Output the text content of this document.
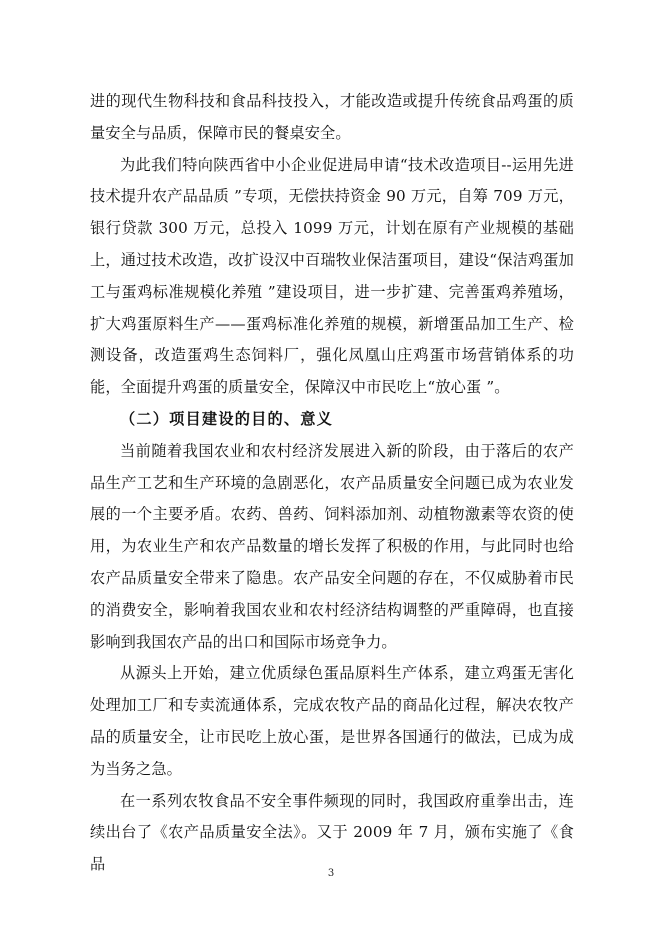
进的现代生物科技和食品科技投入，才能改造或提升传统食品鸡蛋的质量安全与品质，保障市民的餐桌安全。

为此我们特向陕西省中小企业促进局申请“技术改造项目--运用先进技术提升农产品品质 ”专项，无偿扶持资金 90 万元，自筹 709 万元，银行贷款 300 万元，总投入 1099 万元，计划在原有产业规模的基础上，通过技术改造，改扩设汉中百瑞牧业保洁蛋项目，建设“保洁鸡蛋加工与蛋鸡标准规模化养殖 ”建设项目，进一步扩建、完善蛋鸡养殖场，扩大鸡蛋原料生产——蛋鸡标准化养殖的规模，新增蛋品加工生产、检测设备，改造蛋鸡生态饲料厂，强化凤凰山庄鸡蛋市场营销体系的功能，全面提升鸡蛋的质量安全，保障汉中市民吃上“放心蛋 ”。

（二）项目建设的目的、意义

当前随着我国农业和农村经济发展进入新的阶段，由于落后的农产品生产工艺和生产环境的急剧恶化，农产品质量安全问题已成为农业发展的一个主要矛盾。农药、兽药、饲料添加剂、动植物激素等农资的使用，为农业生产和农产品数量的增长发挥了积极的作用，与此同时也给农产品质量安全带来了隐患。农产品安全问题的存在，不仅威胁着市民的消费安全，影响着我国农业和农村经济结构调整的严重障碍，也直接影响到我国农产品的出口和国际市场竞争力。

从源头上开始，建立优质绿色蛋品原料生产体系，建立鸡蛋无害化处理加工厂和专卖流通体系，完成农牧产品的商品化过程，解决农牧产品的质量安全，让市民吃上放心蛋，是世界各国通行的做法，已成为成为当务之急。

在一系列农牧食品不安全事件频现的同时，我国政府重拳出击，连续出台了《农产品质量安全法》。又于 2009 年 7 月，颁布实施了《食品

3
